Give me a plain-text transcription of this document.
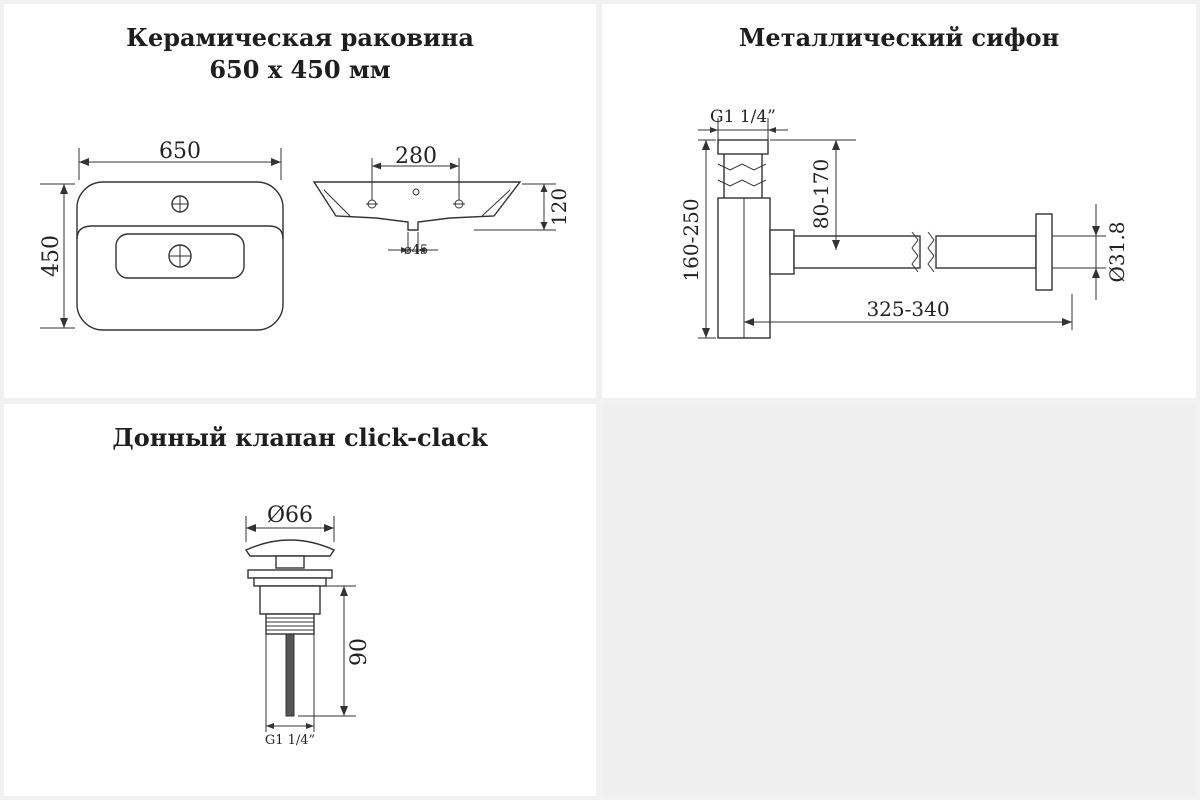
Керамическая раковина
650 x 450 мм
650
450
280
120
ø45
Металлический сифон
G1 1/4”
160-250
80-170
325-340
Ø31.8
Донный клапан click-clack
Ø66
90
G1 1/4”
